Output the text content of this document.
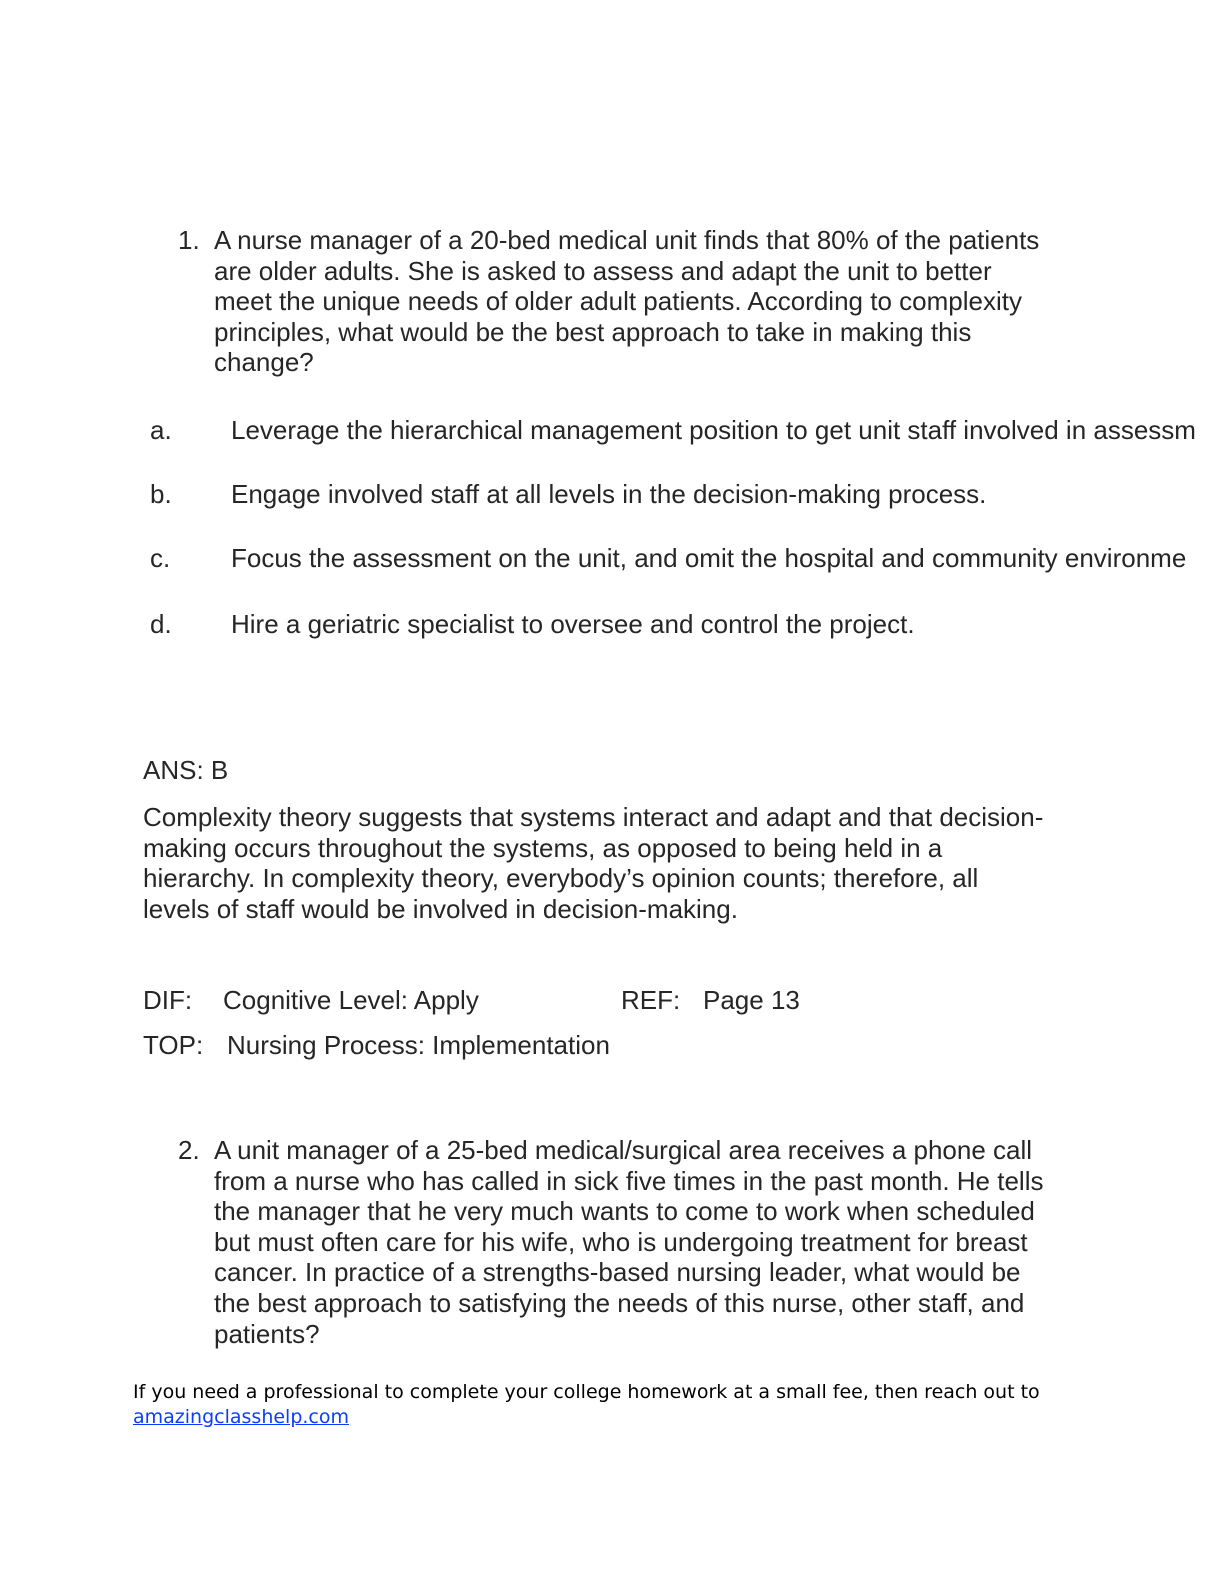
1. A nurse manager of a 20-bed medical unit finds that 80% of the patients
are older adults. She is asked to assess and adapt the unit to better
meet the unique needs of older adult patients. According to complexity
principles, what would be the best approach to take in making this
change?
a. Leverage the hierarchical management position to get unit staff involved in assessm
b. Engage involved staff at all levels in the decision-making process.
c. Focus the assessment on the unit, and omit the hospital and community environme
d. Hire a geriatric specialist to oversee and control the project.
ANS: B
Complexity theory suggests that systems interact and adapt and that decision-
making occurs throughout the systems, as opposed to being held in a
hierarchy. In complexity theory, everybody’s opinion counts; therefore, all
levels of staff would be involved in decision-making.
DIF: Cognitive Level: Apply	REF: Page 13
TOP: Nursing Process: Implementation
2. A unit manager of a 25-bed medical/surgical area receives a phone call
from a nurse who has called in sick five times in the past month. He tells
the manager that he very much wants to come to work when scheduled
but must often care for his wife, who is undergoing treatment for breast
cancer. In practice of a strengths-based nursing leader, what would be
the best approach to satisfying the needs of this nurse, other staff, and
patients?
If you need a professional to complete your college homework at a small fee, then reach out to
amazingclasshelp.com
